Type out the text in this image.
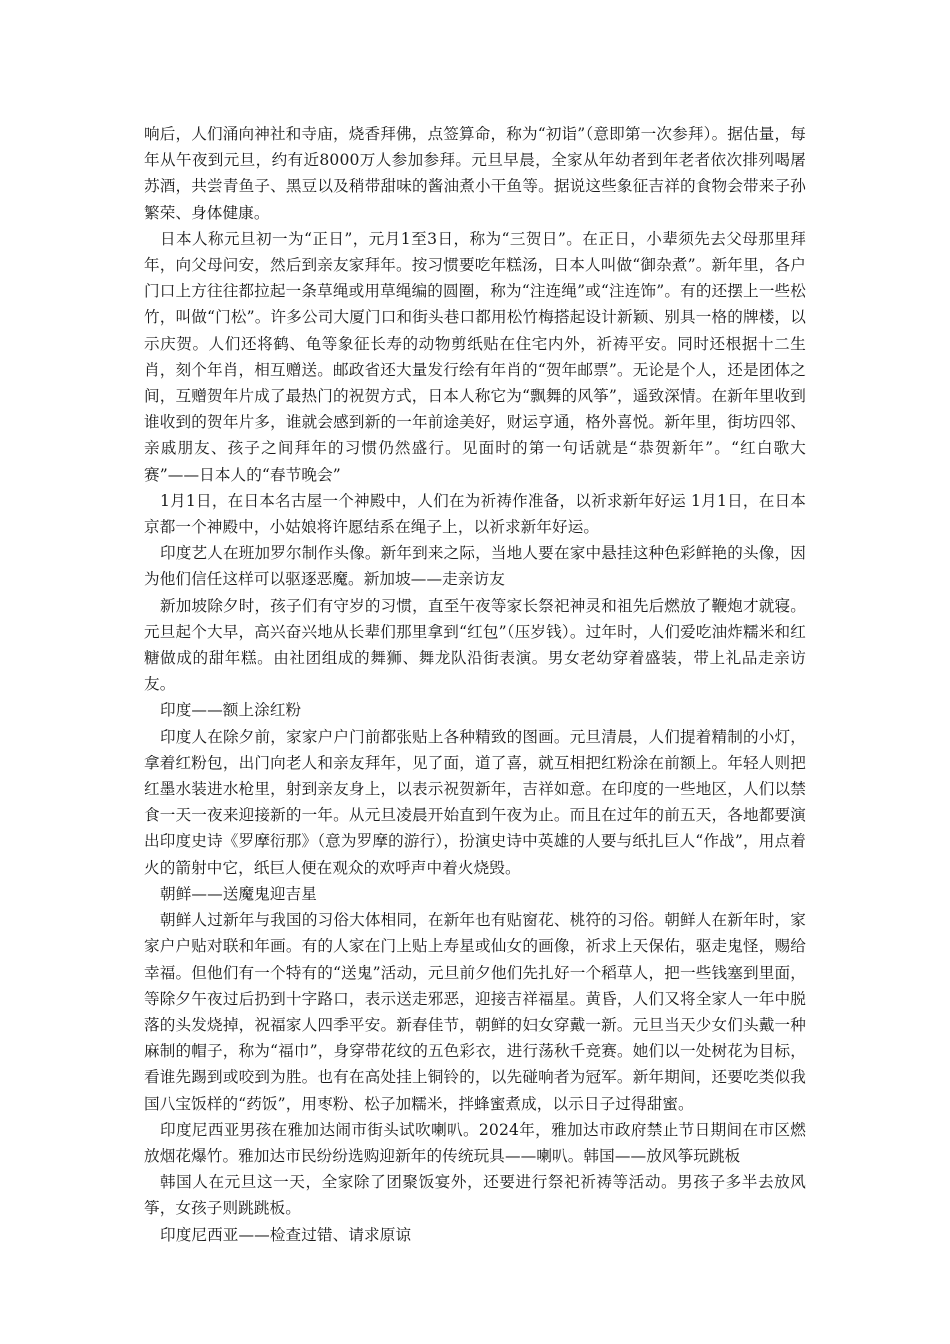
响后，人们涌向神社和寺庙，烧香拜佛，点签算命，称为“初诣”（意即第一次参拜）。据估量，每年从午夜到元旦，约有近8000万人参加参拜。元旦早晨，全家从年幼者到年老者依次排列喝屠苏酒，共尝青鱼子、黑豆以及稍带甜味的酱油煮小干鱼等。据说这些象征吉祥的食物会带来子孙繁荣、身体健康。

日本人称元旦初一为“正日”，元月1至3日，称为“三贺日”。在正日，小辈须先去父母那里拜年，向父母问安，然后到亲友家拜年。按习惯要吃年糕汤，日本人叫做“御杂煮”。新年里，各户门口上方往往都拉起一条草绳或用草绳编的圆圈，称为“注连绳”或“注连饰”。有的还摆上一些松竹，叫做“门松”。许多公司大厦门口和街头巷口都用松竹梅搭起设计新颖、别具一格的牌楼，以示庆贺。人们还将鹤、龟等象征长寿的动物剪纸贴在住宅内外，祈祷平安。同时还根据十二生肖，刻个年肖，相互赠送。邮政省还大量发行绘有年肖的“贺年邮票”。无论是个人，还是团体之间，互赠贺年片成了最热门的祝贺方式，日本人称它为“飘舞的风筝”，遥致深情。在新年里收到谁收到的贺年片多，谁就会感到新的一年前途美好，财运亨通，格外喜悦。新年里，街坊四邻、亲戚朋友、孩子之间拜年的习惯仍然盛行。见面时的第一句话就是“恭贺新年”。“红白歌大赛”——日本人的“春节晚会”

1月1日，在日本名古屋一个神殿中，人们在为祈祷作准备，以祈求新年好运 1月1日，在日本京都一个神殿中，小姑娘将许愿结系在绳子上，以祈求新年好运。

印度艺人在班加罗尔制作头像。新年到来之际，当地人要在家中悬挂这种色彩鲜艳的头像，因为他们信任这样可以驱逐恶魔。新加坡——走亲访友

新加坡除夕时，孩子们有守岁的习惯，直至午夜等家长祭祀神灵和祖先后燃放了鞭炮才就寝。元旦起个大早，高兴奋兴地从长辈们那里拿到“红包”（压岁钱）。过年时，人们爱吃油炸糯米和红糖做成的甜年糕。由社团组成的舞狮、舞龙队沿街表演。男女老幼穿着盛装，带上礼品走亲访友。

印度——额上涂红粉

印度人在除夕前，家家户户门前都张贴上各种精致的图画。元旦清晨，人们提着精制的小灯，拿着红粉包，出门向老人和亲友拜年，见了面，道了喜，就互相把红粉涂在前额上。年轻人则把红墨水装进水枪里，射到亲友身上，以表示祝贺新年，吉祥如意。在印度的一些地区，人们以禁食一天一夜来迎接新的一年。从元旦凌晨开始直到午夜为止。而且在过年的前五天，各地都要演出印度史诗《罗摩衍那》（意为罗摩的游行），扮演史诗中英雄的人要与纸扎巨人“作战”，用点着火的箭射中它，纸巨人便在观众的欢呼声中着火烧毁。

朝鲜——送魔鬼迎吉星

朝鲜人过新年与我国的习俗大体相同，在新年也有贴窗花、桃符的习俗。朝鲜人在新年时，家家户户贴对联和年画。有的人家在门上贴上寿星或仙女的画像，祈求上天保佑，驱走鬼怪，赐给幸福。但他们有一个特有的“送鬼”活动，元旦前夕他们先扎好一个稻草人，把一些钱塞到里面，等除夕午夜过后扔到十字路口，表示送走邪恶，迎接吉祥福星。黄昏，人们又将全家人一年中脱落的头发烧掉，祝福家人四季平安。新春佳节，朝鲜的妇女穿戴一新。元旦当天少女们头戴一种麻制的帽子，称为“福巾”，身穿带花纹的五色彩衣，进行荡秋千竞赛。她们以一处树花为目标，看谁先踢到或咬到为胜。也有在高处挂上铜铃的，以先碰响者为冠军。新年期间，还要吃类似我国八宝饭样的“药饭”，用枣粉、松子加糯米，拌蜂蜜煮成，以示日子过得甜蜜。

印度尼西亚男孩在雅加达闹市街头试吹喇叭。2024年，雅加达市政府禁止节日期间在市区燃放烟花爆竹。雅加达市民纷纷选购迎新年的传统玩具——喇叭。韩国——放风筝玩跳板

韩国人在元旦这一天，全家除了团聚饭宴外，还要进行祭祀祈祷等活动。男孩子多半去放风筝，女孩子则跳跳板。

印度尼西亚——检查过错、请求原谅
